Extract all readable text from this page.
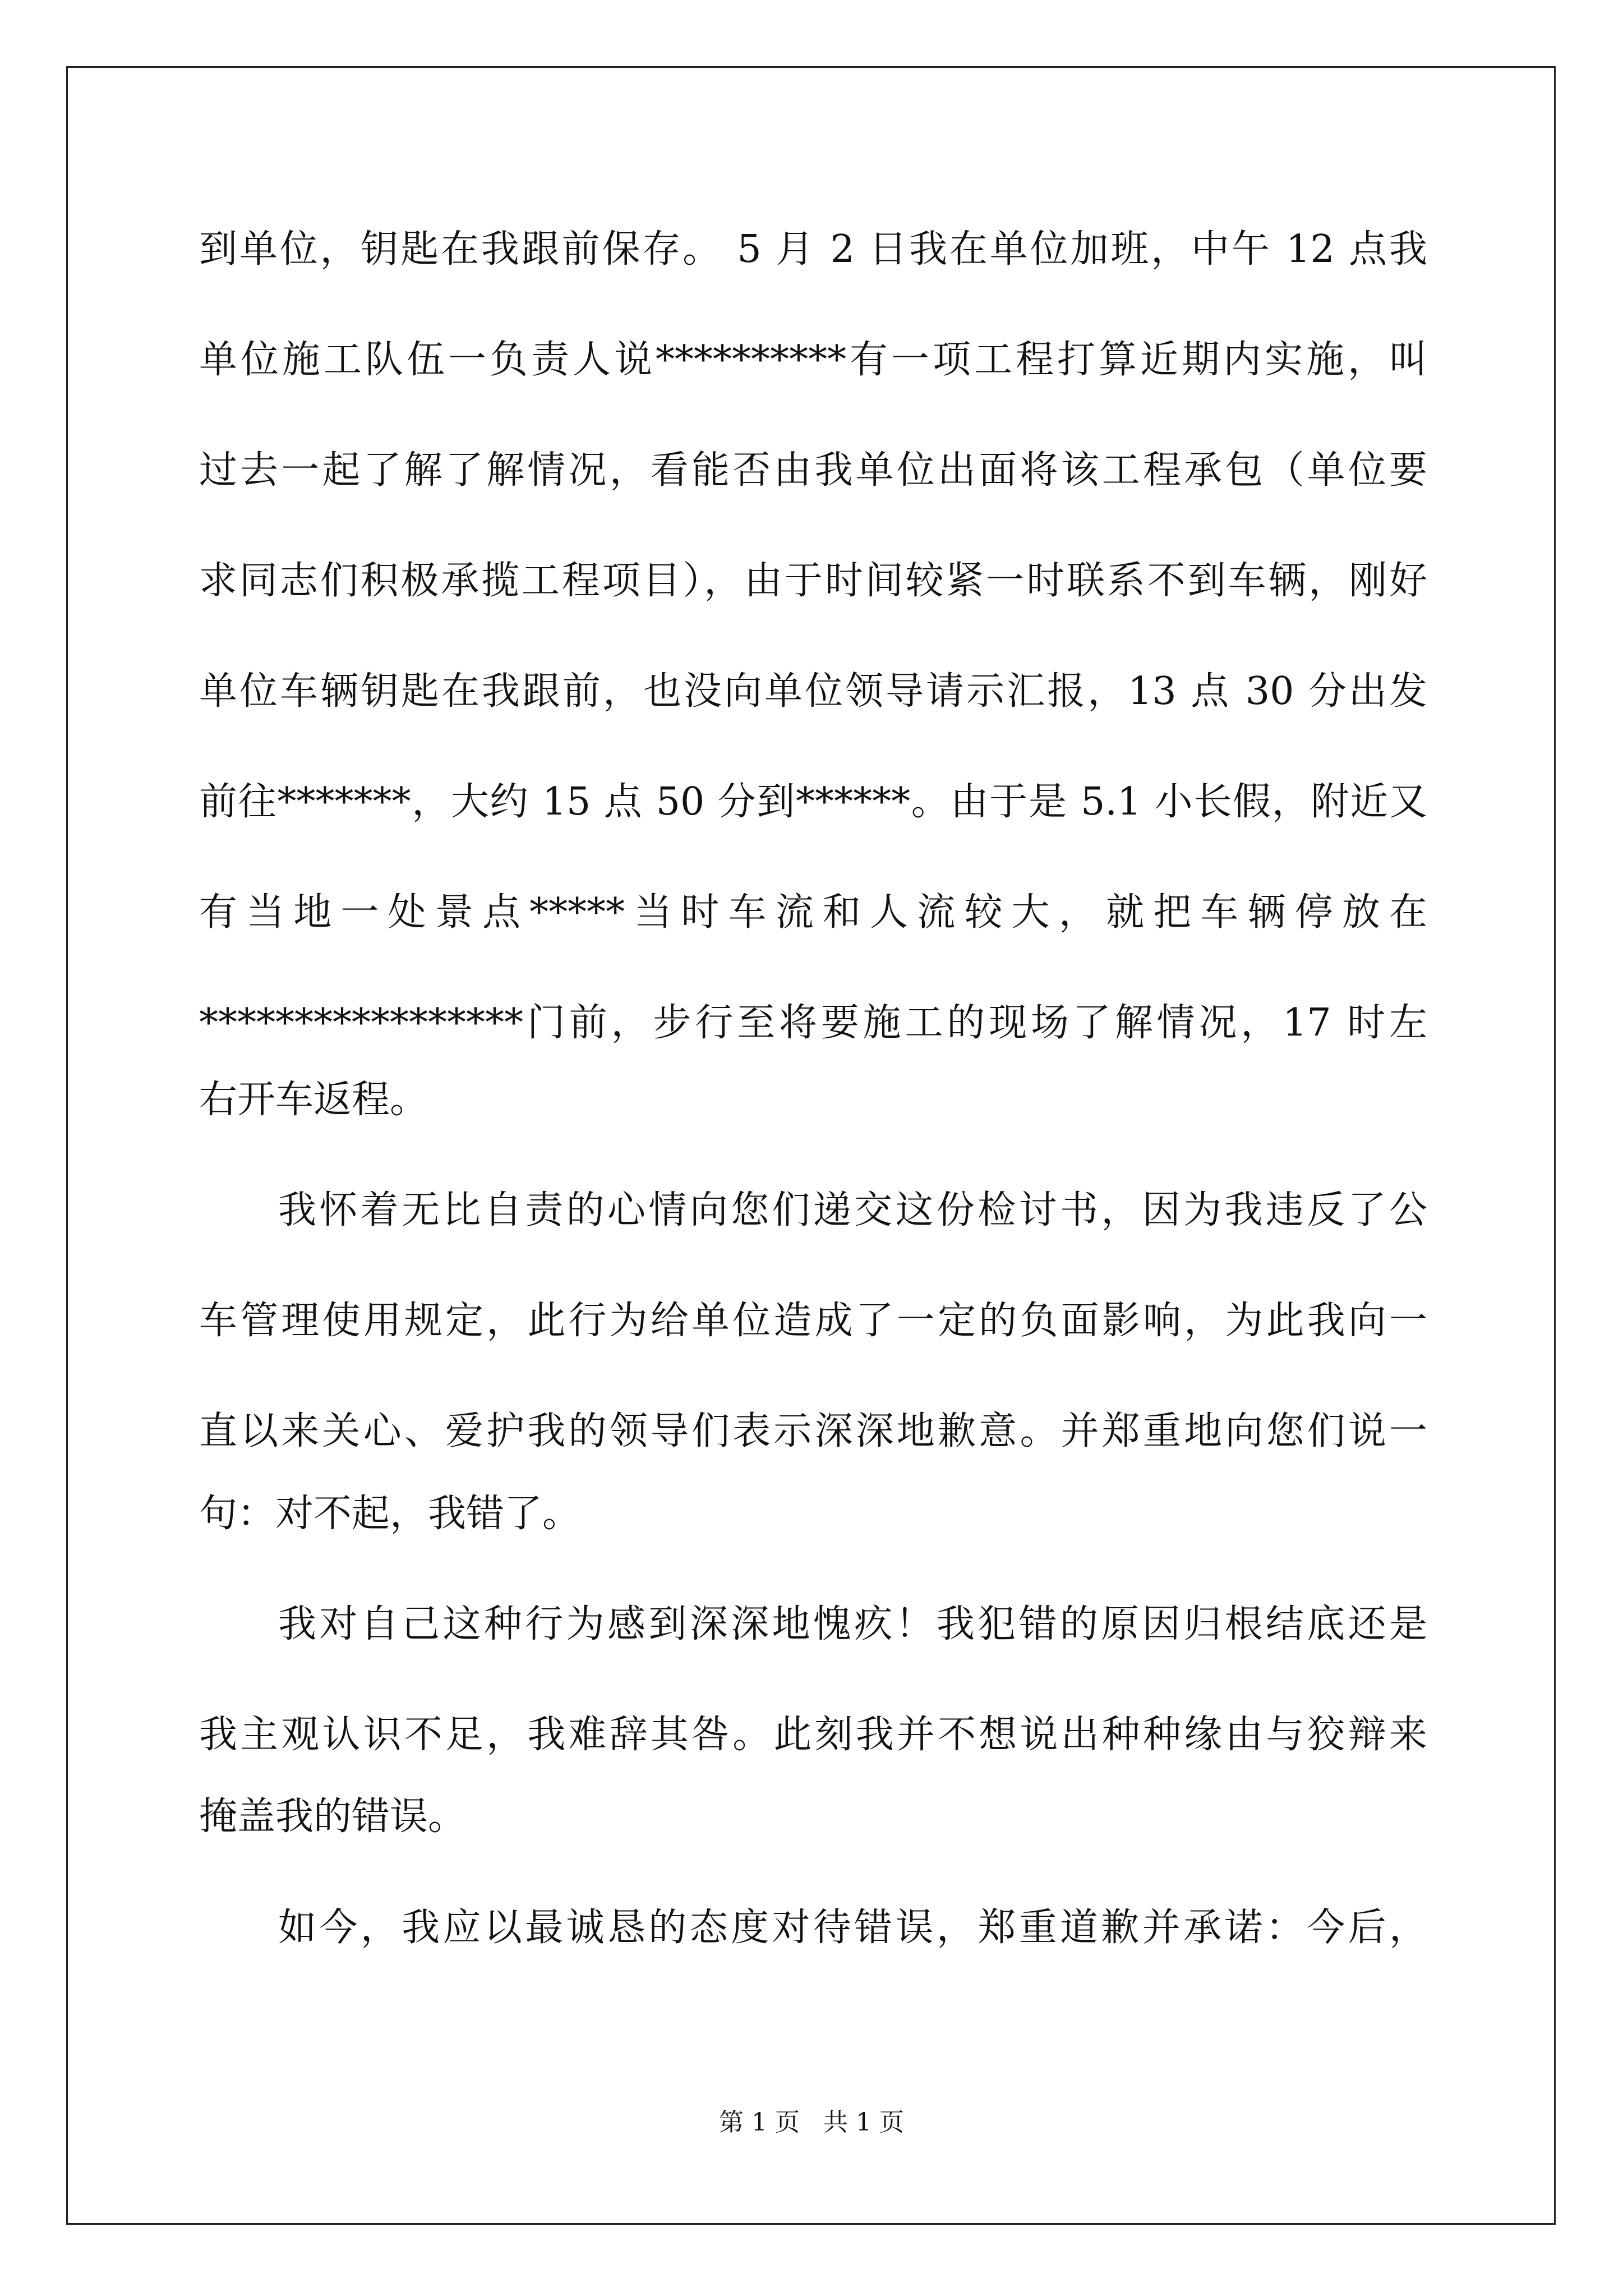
到单位，钥匙在我跟前保存。 5 月 2 日我在单位加班，中午 12 点我
单位施工队伍一负责人说**********有一项工程打算近期内实施，叫
过去一起了解了解情况，看能否由我单位出面将该工程承包（单位要
求同志们积极承揽工程项目），由于时间较紧一时联系不到车辆，刚好
单位车辆钥匙在我跟前，也没向单位领导请示汇报，13 点 30 分出发
前往*******，大约 15 点 50 分到******。由于是 5.1 小长假，附近又
有当地一处景点*****当时车流和人流较大，就把车辆停放在
*****************门前，步行至将要施工的现场了解情况，17 时左
右开车返程。
我怀着无比自责的心情向您们递交这份检讨书，因为我违反了公
车管理使用规定，此行为给单位造成了一定的负面影响，为此我向一
直以来关心、爱护我的领导们表示深深地歉意。并郑重地向您们说一
句：对不起，我错了。
我对自己这种行为感到深深地愧疚！我犯错的原因归根结底还是
我主观认识不足，我难辞其咎。此刻我并不想说出种种缘由与狡辩来
掩盖我的错误。
如今，我应以最诚恳的态度对待错误，郑重道歉并承诺：今后，
第 1 页   共 1 页
